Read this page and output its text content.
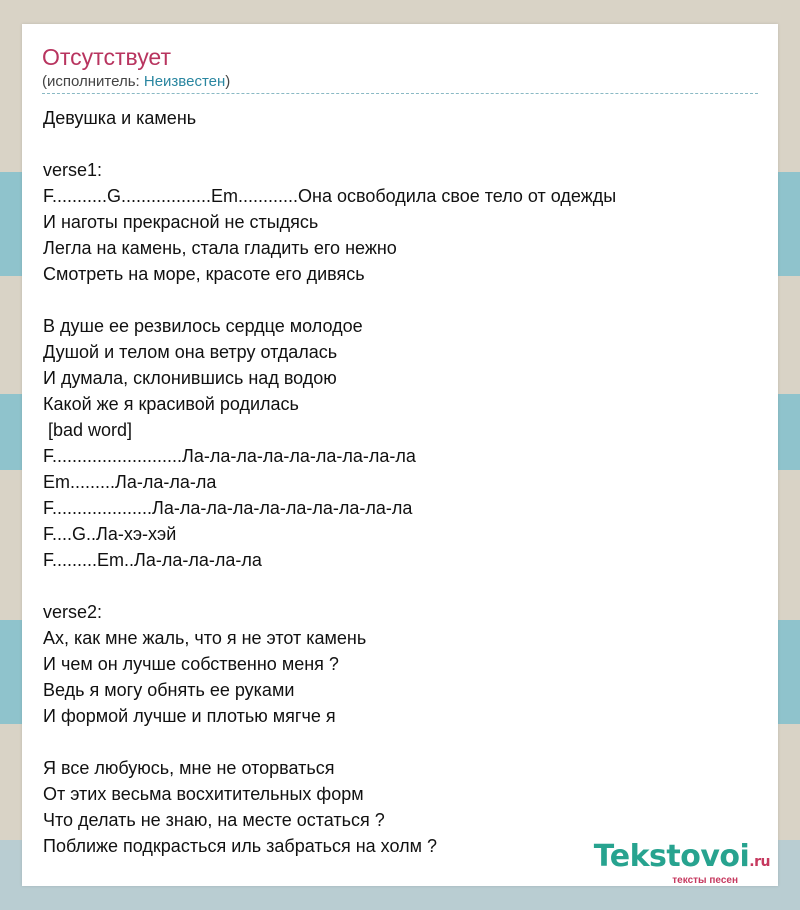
Отсутствует
(исполнитель: Неизвестен)
Девушка и камень
verse1:
F...........G..................Em............Она освободила свое тело от одежды
И наготы прекрасной не стыдясь
Легла на камень, стала гладить его нежно
Смотреть на море, красоте его дивясь
В душе ее резвилось сердце молодое
Душой и телом она ветру отдалась
И думала, склонившись над водою
Какой же я красивой родилась
[bad word]
F..........................Ла-ла-ла-ла-ла-ла-ла-ла-ла
Em.........Ла-ла-ла-ла
F....................Ла-ла-ла-ла-ла-ла-ла-ла-ла-ла
F....G..Ла-хэ-хэй
F.........Em..Ла-ла-ла-ла-ла
verse2:
Ах, как мне жаль, что я не этот камень
И чем он лучше собственно меня ?
Ведь я могу обнять ее руками
И формой лучше и плотью мягче я
Я все любуюсь, мне не оторваться
От этих весьма восхитительных форм
Что делать не знаю, на месте остаться ?
Поближе подкрасться иль забраться на холм ?	Tekstovoi.ru
тексты песен
